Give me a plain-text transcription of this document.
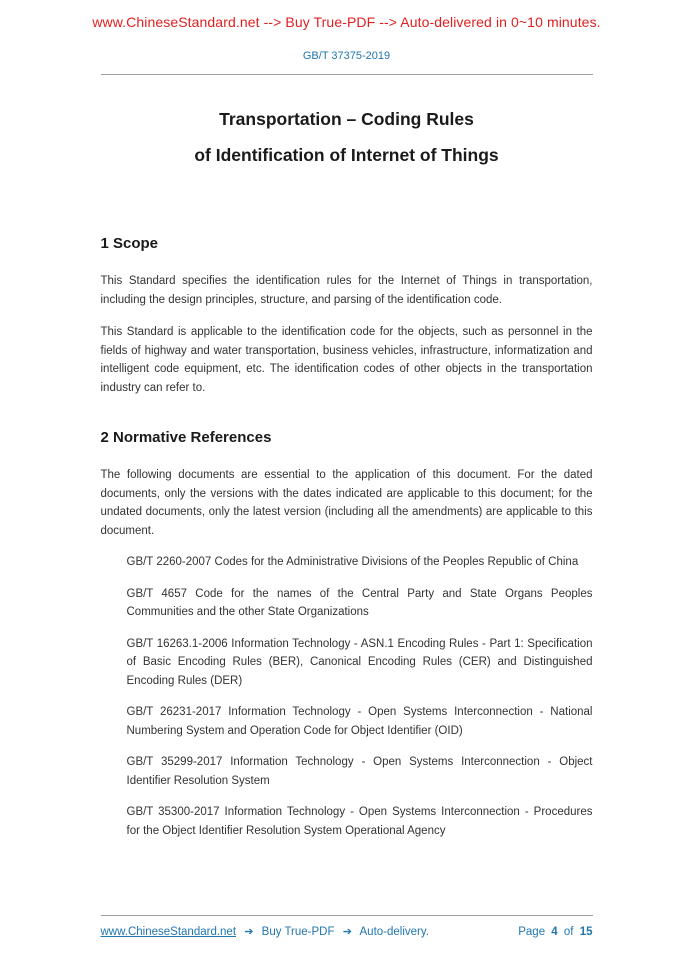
www.ChineseStandard.net --> Buy True-PDF --> Auto-delivered in 0~10 minutes.
GB/T 37375-2019
Transportation – Coding Rules
of Identification of Internet of Things
1 Scope

This Standard specifies the identification rules for the Internet of Things in transportation, including the design principles, structure, and parsing of the identification code.

This Standard is applicable to the identification code for the objects, such as personnel in the fields of highway and water transportation, business vehicles, infrastructure, informatization and intelligent code equipment, etc. The identification codes of other objects in the transportation industry can refer to.

2 Normative References

The following documents are essential to the application of this document. For the dated documents, only the versions with the dates indicated are applicable to this document; for the undated documents, only the latest version (including all the amendments) are applicable to this document.

GB/T 2260-2007 Codes for the Administrative Divisions of the Peoples Republic of China

GB/T 4657 Code for the names of the Central Party and State Organs Peoples Communities and the other State Organizations

GB/T 16263.1-2006 Information Technology - ASN.1 Encoding Rules - Part 1: Specification of Basic Encoding Rules (BER), Canonical Encoding Rules (CER) and Distinguished Encoding Rules (DER)

GB/T 26231-2017 Information Technology - Open Systems Interconnection - National Numbering System and Operation Code for Object Identifier (OID)

GB/T 35299-2017 Information Technology - Open Systems Interconnection - Object Identifier Resolution System

GB/T 35300-2017 Information Technology - Open Systems Interconnection - Procedures for the Object Identifier Resolution System Operational Agency

www.ChineseStandard.net ➔ Buy True-PDF ➔ Auto-delivery.	Page 4 of 15
